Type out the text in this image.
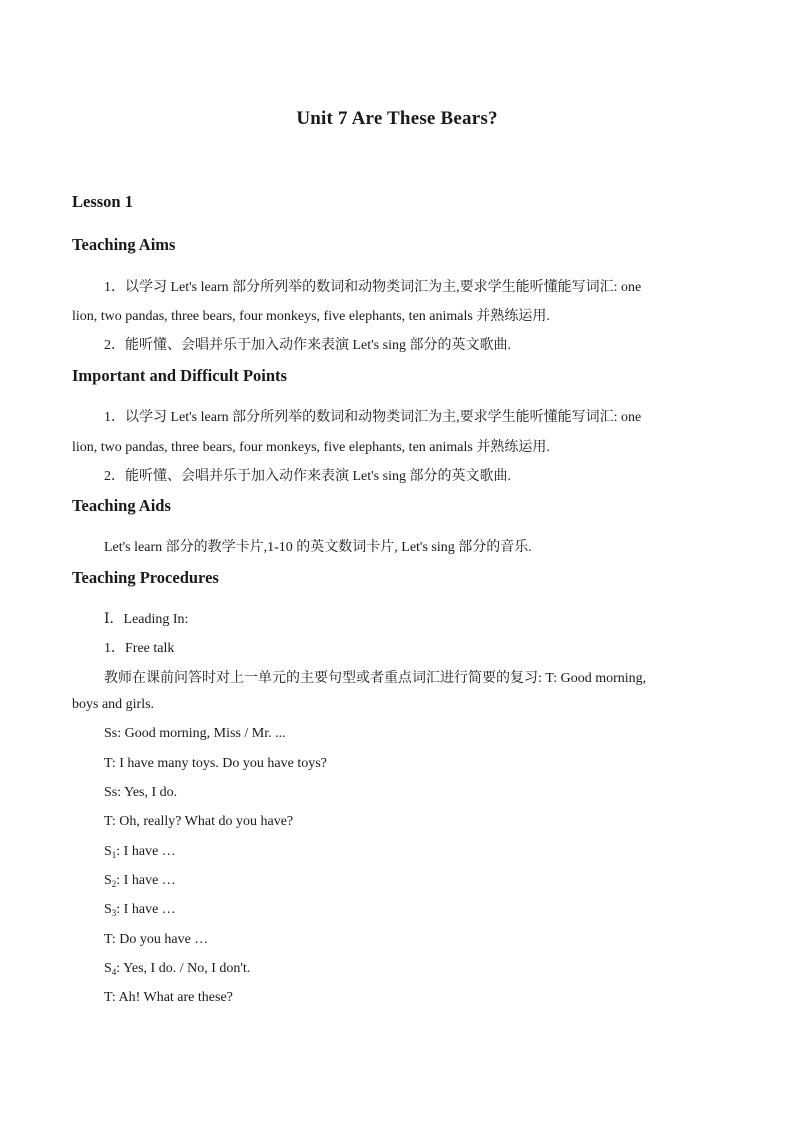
Unit 7 Are These Bears?
Lesson 1
Teaching Aims
1．以学习 Let's learn 部分所列举的数词和动物类词汇为主,要求学生能听懂能写词汇: one
lion, two pandas, three bears, four monkeys, five elephants, ten animals 并熟练运用.
2．能听懂、会唱并乐于加入动作来表演 Let's sing 部分的英文歌曲.
Important and Difficult Points
1．以学习 Let's learn 部分所列举的数词和动物类词汇为主,要求学生能听懂能写词汇: one
lion, two pandas, three bears, four monkeys, five elephants, ten animals 并熟练运用.
2．能听懂、会唱并乐于加入动作来表演 Let's sing 部分的英文歌曲.
Teaching Aids
Let's learn 部分的教学卡片,1-10 的英文数词卡片, Let's sing 部分的音乐.
Teaching Procedures
Ⅰ．Leading In:
1．Free talk
教师在课前问答时对上一单元的主要句型或者重点词汇进行简要的复习: T: Good morning,
boys and girls.
Ss: Good morning, Miss / Mr. ...
T: I have many toys. Do you have toys?
Ss: Yes, I do.
T: Oh, really? What do you have?
$S_1$: I have …
$S_2$: I have …
$S_3$: I have …
T: Do you have …
$S_4$: Yes, I do. / No, I don't.
T: Ah! What are these?
